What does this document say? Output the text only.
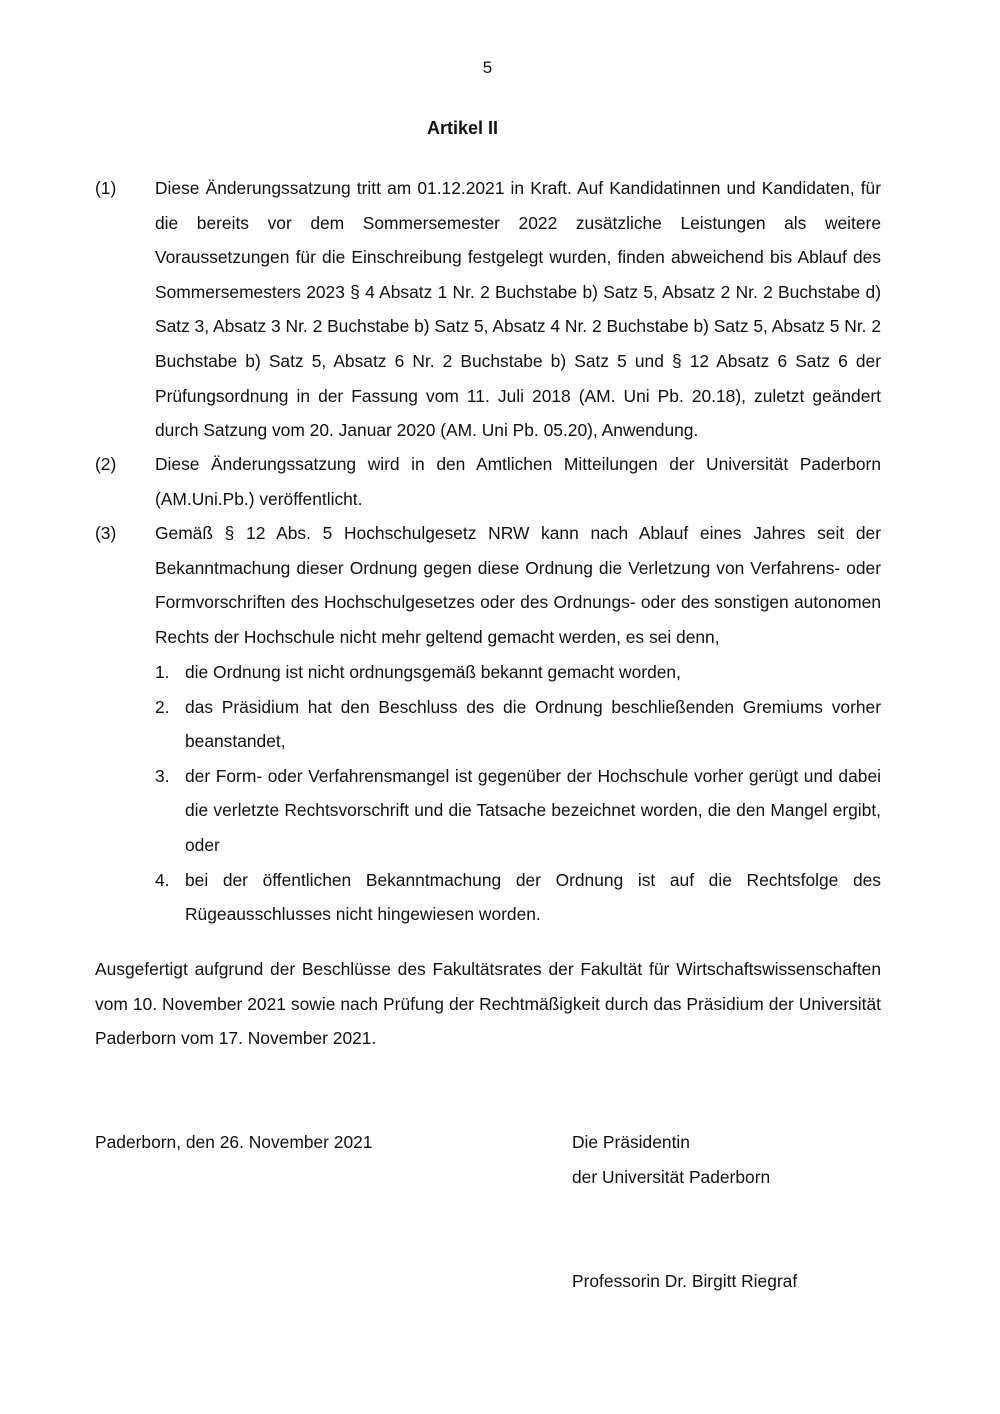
5
Artikel II
(1) Diese Änderungssatzung tritt am 01.12.2021 in Kraft. Auf Kandidatinnen und Kandidaten, für die bereits vor dem Sommersemester 2022 zusätzliche Leistungen als weitere Voraussetzungen für die Einschreibung festgelegt wurden, finden abweichend bis Ablauf des Sommersemesters 2023 § 4 Absatz 1 Nr. 2 Buchstabe b) Satz 5, Absatz 2 Nr. 2 Buchstabe d) Satz 3, Absatz 3 Nr. 2 Buchstabe b) Satz 5, Absatz 4 Nr. 2 Buchstabe b) Satz 5, Absatz 5 Nr. 2 Buchstabe b) Satz 5, Absatz 6 Nr. 2 Buchstabe b) Satz 5 und § 12 Absatz 6 Satz 6 der Prüfungsordnung in der Fassung vom 11. Juli 2018 (AM. Uni Pb. 20.18), zuletzt geändert durch Satzung vom 20. Januar 2020 (AM. Uni Pb. 05.20), Anwendung.
(2) Diese Änderungssatzung wird in den Amtlichen Mitteilungen der Universität Paderborn (AM.Uni.Pb.) veröffentlicht.
(3) Gemäß § 12 Abs. 5 Hochschulgesetz NRW kann nach Ablauf eines Jahres seit der Bekanntmachung dieser Ordnung gegen diese Ordnung die Verletzung von Verfahrens- oder Formvorschriften des Hochschulgesetzes oder des Ordnungs- oder des sonstigen autonomen Rechts der Hochschule nicht mehr geltend gemacht werden, es sei denn,
1. die Ordnung ist nicht ordnungsgemäß bekannt gemacht worden,
2. das Präsidium hat den Beschluss des die Ordnung beschließenden Gremiums vorher beanstandet,
3. der Form- oder Verfahrensmangel ist gegenüber der Hochschule vorher gerügt und dabei die verletzte Rechtsvorschrift und die Tatsache bezeichnet worden, die den Mangel ergibt, oder
4. bei der öffentlichen Bekanntmachung der Ordnung ist auf die Rechtsfolge des Rügeausschlusses nicht hingewiesen worden.
Ausgefertigt aufgrund der Beschlüsse des Fakultätsrates der Fakultät für Wirtschaftswissenschaften vom 10. November 2021 sowie nach Prüfung der Rechtmäßigkeit durch das Präsidium der Universität Paderborn vom 17. November 2021.
Paderborn, den 26. November 2021	Die Präsidentin
der Universität Paderborn
Professorin Dr. Birgitt Riegraf
